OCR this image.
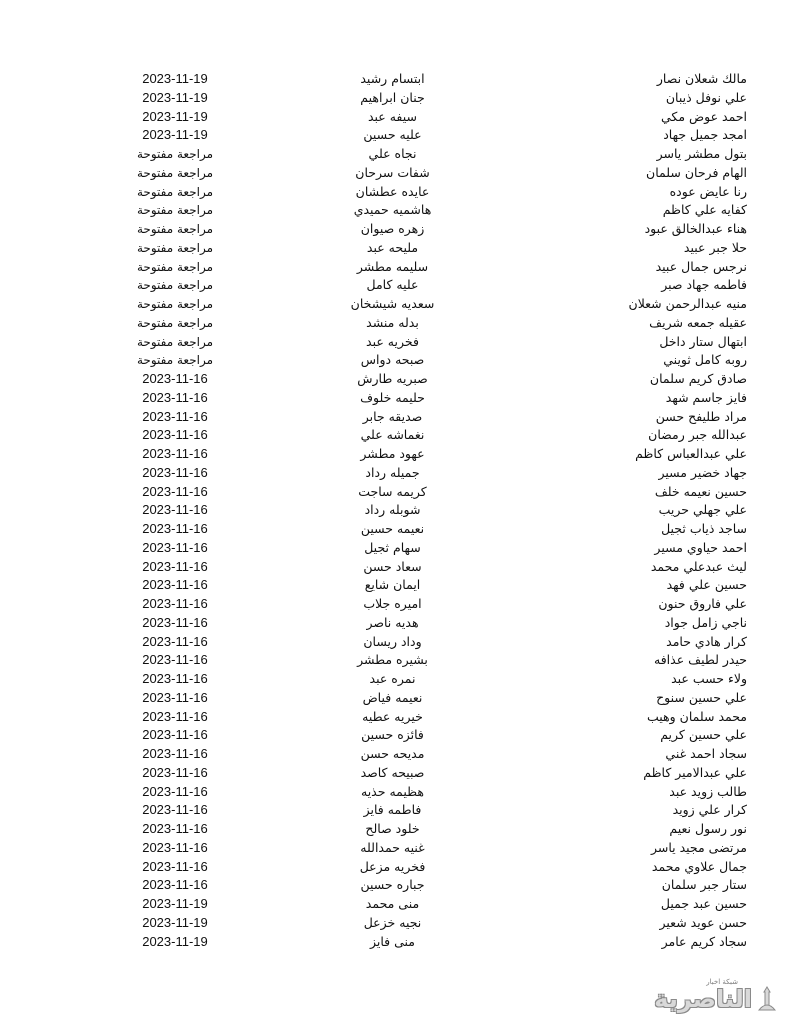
مالك شعلان نصار
ابتسام رشيد
2023-11-19
علي نوفل ذيبان
جنان ابراهيم
2023-11-19
احمد عوض مكي
سيفه عبد
2023-11-19
امجد جميل جهاد
عليه حسين
2023-11-19
بتول مطشر ياسر
نجاه علي
مراجعة مفتوحة
الهام فرحان سلمان
شفات سرحان
مراجعة مفتوحة
رنا عايض عوده
عايده عطشان
مراجعة مفتوحة
كفايه علي كاظم
هاشميه حميدي
مراجعة مفتوحة
هناء عبدالخالق عبود
زهره صيوان
مراجعة مفتوحة
حلا جبر عبيد
مليحه عبد
مراجعة مفتوحة
نرجس جمال عبيد
سليمه مطشر
مراجعة مفتوحة
فاطمه جهاد صبر
عليه كامل
مراجعة مفتوحة
منيه عبدالرحمن شعلان
سعديه شيشخان
مراجعة مفتوحة
عقيله جمعه شريف
بدله منشد
مراجعة مفتوحة
ابتهال ستار داخل
فخريه عبد
مراجعة مفتوحة
روبه كامل ثويني
صبحه دواس
مراجعة مفتوحة
صادق كريم سلمان
صبريه طارش
2023-11-16
فايز جاسم شهد
حليمه خلوف
2023-11-16
مراد طليفح حسن
صديقه جابر
2023-11-16
عبدالله جبر رمضان
نغماشه علي
2023-11-16
علي عبدالعباس كاظم
عهود مطشر
2023-11-16
جهاد خضير مسير
جميله رداد
2023-11-16
حسين نعيمه خلف
كريمه ساجت
2023-11-16
علي جهلي حريب
شوبله رداد
2023-11-16
ساجد ذياب ثجيل
نعيمه حسين
2023-11-16
احمد حياوي مسير
سهام ثجيل
2023-11-16
ليث عبدعلي محمد
سعاد حسن
2023-11-16
حسين علي فهد
ايمان شايع
2023-11-16
علي فاروق حنون
اميره جلاب
2023-11-16
ناجي زامل جواد
هديه ناصر
2023-11-16
كرار هادي حامد
وداد ريسان
2023-11-16
حيدر لطيف عذافه
بشيره مطشر
2023-11-16
ولاء حسب عبد
نمره عبد
2023-11-16
علي حسين سنوح
نعيمه فياض
2023-11-16
محمد سلمان وهيب
خيريه عطيه
2023-11-16
علي حسين كريم
فائزه حسين
2023-11-16
سجاد احمد غني
مديحه حسن
2023-11-16
علي عبدالامير كاظم
صبيحه كاصد
2023-11-16
طالب زويد عبد
هظيمه حذيه
2023-11-16
كرار علي زويد
فاطمه فايز
2023-11-16
نور رسول نعيم
خلود صالح
2023-11-16
مرتضى مجيد ياسر
غنيه حمدالله
2023-11-16
جمال علاوي محمد
فخريه مزعل
2023-11-16
ستار جبر سلمان
جباره حسين
2023-11-16
حسين عبد جميل
منى محمد
2023-11-19
حسن عويد شعير
نجيه خزعل
2023-11-19
سجاد كريم عامر
منى فايز
2023-11-19
شبكة اخبار
الناصرية
